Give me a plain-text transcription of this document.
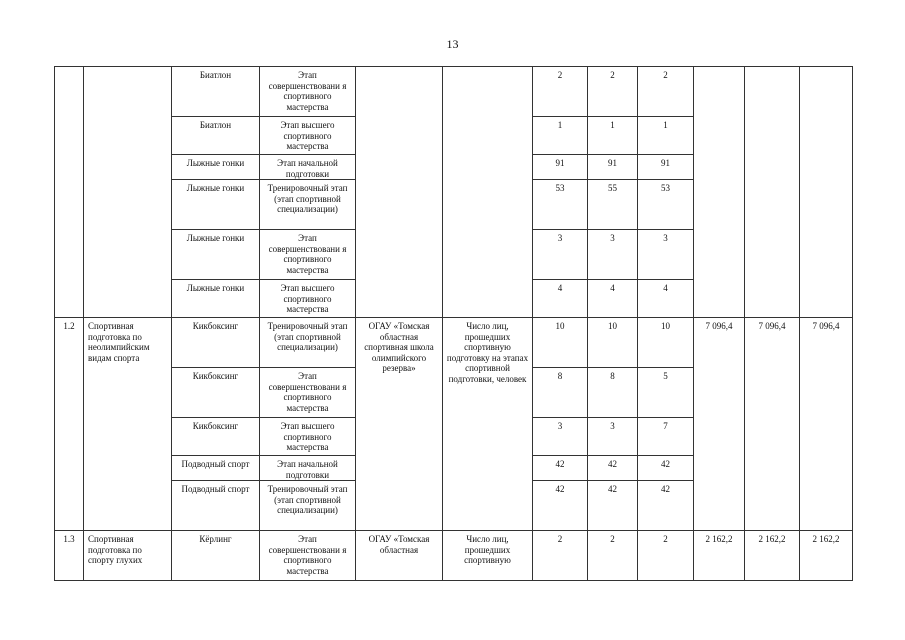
13
		Биатлон	Этап совершенствовани я спортивного мастерства			2	2	2			
		Биатлон	Этап высшего спортивного мастерства			1	1	1			
		Лыжные гонки	Этап начальной подготовки			91	91	91			
		Лыжные гонки	Тренировочный этап (этап спортивной специализации)			53	55	53			
		Лыжные гонки	Этап совершенствовани я спортивного мастерства			3	3	3			
		Лыжные гонки	Этап высшего спортивного мастерства			4	4	4			
1.2	Спортивная подготовка по неолимпийским видам спорта	Кикбоксинг	Тренировочный этап (этап спортивной специализации)	ОГАУ «Томская областная спортивная школа олимпийского резерва»	Число лиц, прошедших спортивную подготовку на этапах спортивной подготовки, человек	10	10	10	7 096,4	7 096,4	7 096,4
		Кикбоксинг	Этап совершенствовани я спортивного мастерства			8	8	5			
		Кикбоксинг	Этап высшего спортивного мастерства			3	3	7			
		Подводный спорт	Этап начальной подготовки			42	42	42			
		Подводный спорт	Тренировочный этап (этап спортивной специализации)			42	42	42			
1.3	Спортивная подготовка по спорту глухих	Кёрлинг	Этап совершенствовани я спортивного мастерства	ОГАУ «Томская областная	Число лиц, прошедших спортивную	2	2	2	2 162,2	2 162,2	2 162,2
